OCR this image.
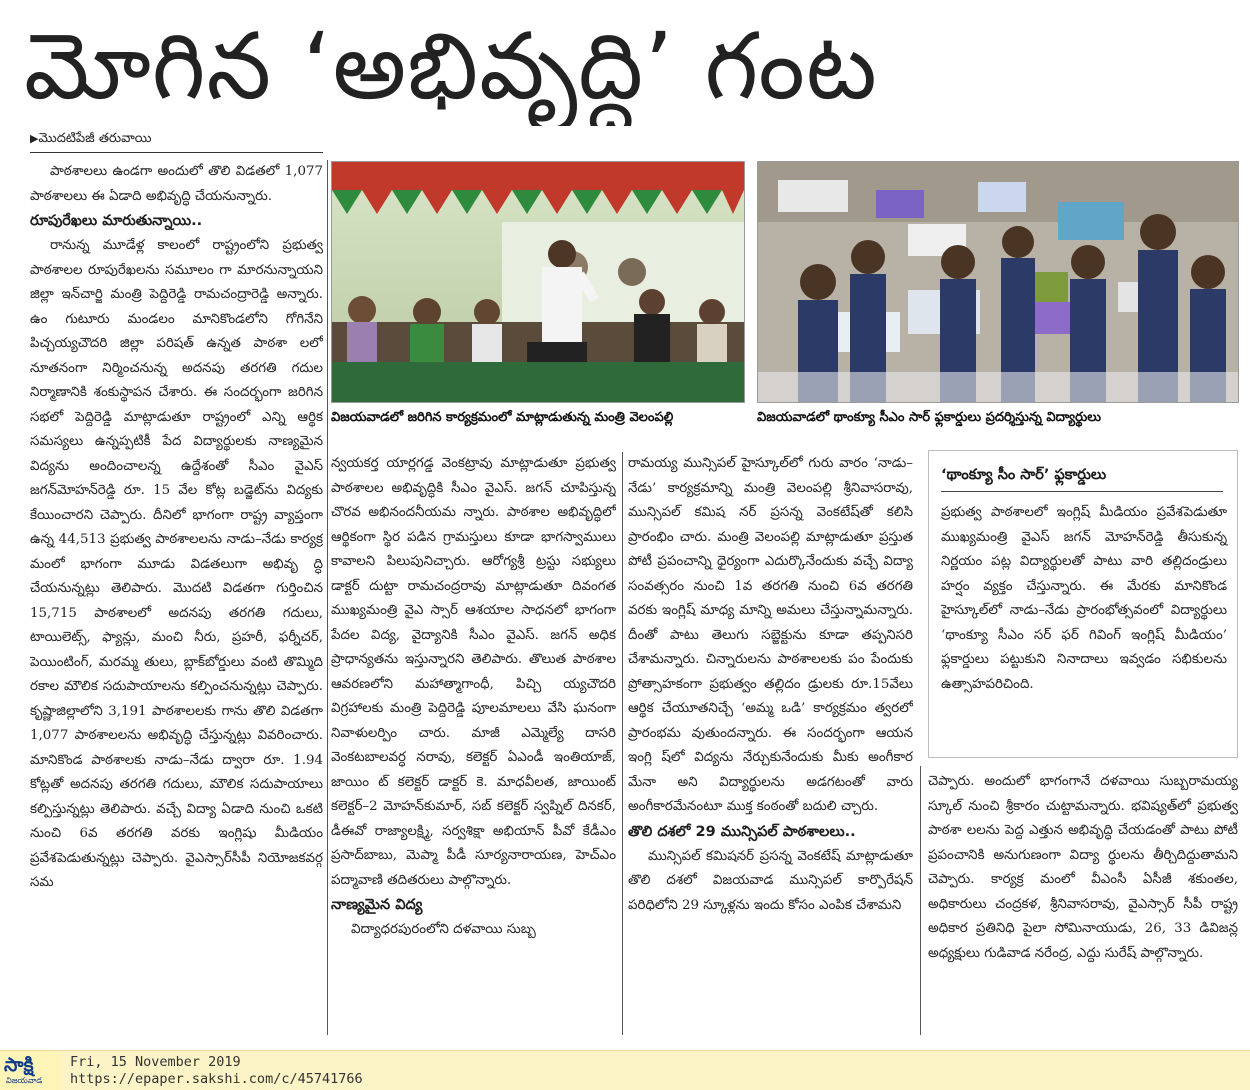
మోగిన ‘అభివృద్ధి’ గంట
▶మొదటిపేజీ తరువాయి

పాఠశాలలు ఉండగా అందులో తొలి విడతలో 1,077 పాఠశాలలు ఈ ఏడాది అభివృద్ధి చేయనున్నారు.

రూపురేఖలు మారుతున్నాయి..

రానున్న మూడేళ్ల కాలంలో రాష్ట్రంలోని ప్రభుత్వ పాఠశాలల రూపురేఖలను సమూలం గా మారనున్నాయని జిల్లా ఇన్‌చార్జి మంత్రి పెద్దిరెడ్డి రామచంద్రారెడ్డి అన్నారు. ఉం గుటూరు మండలం మానికొండలోని గోగినేని పిచ్చయ్యచౌదరి జిల్లా పరిషత్ ఉన్నత పాఠశా లలో నూతనంగా నిర్మించనున్న అదనపు తరగతి గదుల నిర్మాణానికి శంకుస్థాపన చేశారు. ఈ సందర్భంగా జరిగిన సభలో పెద్దిరెడ్డి మాట్లాడుతూ రాష్ట్రంలో ఎన్ని ఆర్థిక సమస్యలు ఉన్నప్పటికీ పేద విద్యార్థులకు నాణ్యమైన విద్యను అందించాలన్న ఉద్దేశంతో సీఎం వైఎస్ జగన్‌మోహన్‌రెడ్డి రూ. 15 వేల కోట్ల బడ్జెట్‌ను విద్యకు కేయించారని చెప్పారు. దీనిలో భాగంగా రాష్ట్ర వ్యాప్తంగా ఉన్న 44,513 ప్రభుత్వ పాఠశాలలను నాడు–నేడు కార్యక్ర మంలో భాగంగా మూడు విడతలుగా అభివృ ద్ధి చేయనున్నట్లు తెలిపారు. మొదటి విడతగా గుర్తించిన 15,715 పాఠశాలలో అదనపు తరగతి గదులు, టాయిలెట్స్, ఫ్యాన్లు, మంచి నీరు, ప్రహరీ, ఫర్నీచర్, పెయింటింగ్, మరమ్మ తులు, బ్లాక్‌బోర్డులు వంటి తొమ్మిది రకాల మౌలిక సదుపాయాలను కల్పించనున్నట్లు చెప్పారు. కృష్ణాజిల్లాలోని 3,191 పాఠశాలలకు గాను తొలి విడతగా 1,077 పాఠశాలలను అభివృద్ధి చేస్తున్నట్లు వివరించారు. మానికొండ పాఠశాలకు నాడు–నేడు ద్వారా రూ. 1.94 కోట్లతో అదనపు తరగతి గదులు, మౌలిక సదుపాయాలు కల్పిస్తున్నట్లు తెలిపారు. వచ్చే విద్యా ఏడాది నుంచి ఒకటి నుంచి 6వ తరగతి వరకు ఇంగ్లిషు మీడియం ప్రవేశపెడుతున్నట్లు చెప్పారు. వైఎస్సార్‌సీపీ నియోజకవర్గ సమ

విజయవాడలో జరిగిన కార్యక్రమంలో మాట్లాడుతున్న మంత్రి వెలంపల్లి	విజయవాడలో థాంక్యూ సీఎం సార్ ఫ్లకార్డులు ప్రదర్శిస్తున్న విద్యార్థులు

న్వయకర్త యార్లగడ్డ వెంకట్రావు మాట్లాడుతూ ప్రభుత్వ పాఠశాలల అభివృద్ధికి సీఎం వైఎస్. జగన్ చూపిస్తున్న చొరవ అభినందనీయమ న్నారు. పాఠశాల అభివృద్ధిలో ఆర్థికంగా స్థిర పడిన గ్రామస్తులు కూడా భాగస్వాములు కావాలని పిలుపునిచ్చారు. ఆరోగ్యశ్రీ ట్రస్టు సభ్యులు డాక్టర్ దుట్టా రామచంద్రరావు మాట్లాడుతూ దివంగత ముఖ్యమంత్రి వైఎ స్సార్ ఆశయాల సాధనలో భాగంగా పేదల విద్య, వైద్యానికి సీఎం వైఎస్. జగన్ అధిక ప్రాధాన్యతను ఇస్తున్నారని తెలిపారు. తొలుత పాఠశాల ఆవరణలోని మహాత్మాగాంధీ, పిచ్చి య్యచౌదరి విగ్రహాలకు మంత్రి పెద్దిరెడ్డి పూలమాలలు వేసి ఘనంగా నివాళులర్పిం చారు. మాజీ ఎమ్మెల్యే దాసరి వెంకటబాలవర్ధ నరావు, కలెక్టర్ ఏఎండీ ఇంతియాజ్, జాయిం ట్ కలెక్టర్ డాక్టర్ కె. మాధవీలత, జాయింట్ కలెక్టర్–2 మోహన్‌కుమార్, సబ్ కలెక్టర్ స్వప్నిల్ దినకర్, డీఈవో రాజ్యాలక్ష్మి, సర్వశిక్షా అభియాన్ పీవో కేడీఎం ప్రసాద్‌బాబు, మెప్మా పీడీ సూర్యనారాయణ, హెచ్‌ఎం పద్మావాణి తదితరులు పాల్గొన్నారు.

నాణ్యమైన విద్య

విద్యాధరపురంలోని దళవాయి సుబ్బ

రామయ్య మున్సిపల్ హైస్కూల్‌లో గురు వారం ‘నాడు–నేడు’ కార్యక్రమాన్ని మంత్రి వెలంపల్లి శ్రీనివాసరావు, మున్సిపల్ కమిష నర్ ప్రసన్న వెంకటేష్‌తో కలిసి ప్రారంభిం చారు. మంత్రి వెలంపల్లి మాట్లాడుతూ ప్రస్తుత పోటీ ప్రపంచాన్ని ధైర్యంగా ఎదుర్కొనేందుకు వచ్చే విద్యా సంవత్సరం నుంచి 1వ తరగతి నుంచి 6వ తరగతి వరకు ఇంగ్లిష్ మాధ్య మాన్ని అమలు చేస్తున్నామన్నారు. దీంతో పాటు తెలుగు సబ్జెక్టును కూడా తప్పనిసరి చేశామన్నారు. చిన్నారులను పాఠశాలలకు పం పేందుకు ప్రోత్సాహకంగా ప్రభుత్వం తల్లిదం డ్రులకు రూ.15వేలు ఆర్థిక చేయూతనిచ్చే ‘అమ్మ ఒడి’ కార్యక్రమం త్వరలో ప్రారంభమ వుతుందన్నారు. ఈ సందర్భంగా ఆయన ఇంగ్లి ష్‌లో విద్యను నేర్చుకునేందుకు మీకు అంగీకార మేనా అని విద్యార్థులను అడగటంతో వారు అంగీకారమేనంటూ ముక్త కంఠంతో బదులి చ్చారు.

తొలి దశలో 29 మున్సిపల్ పాఠశాలలు..

మున్సిపల్ కమిషనర్ ప్రసన్న వెంకటేష్ మాట్లాడుతూ తొలి దశలో విజయవాడ మున్సిపల్ కార్పొరేషన్ పరిధిలోని 29 స్కూళ్లను ఇందు కోసం ఎంపిక చేశామని

‘థాంక్యూ సీం సార్’ ఫ్లకార్డులు
ప్రభుత్వ పాఠశాలలో ఇంగ్లిష్ మీడియం ప్రవేశపెడుతూ ముఖ్యమంత్రి వైఎస్ జగన్ మోహన్‌రెడ్డి తీసుకున్న నిర్ణయం పట్ల విద్యార్థులతో పాటు వారి తల్లిదండ్రులు హర్షం వ్యక్తం చేస్తున్నారు. ఈ మేరకు మానికొండ హైస్కూల్‌లో నాడు–నేడు ప్రారంభోత్సవంలో విద్యార్థులు ‘థాంక్యూ సీఎం సర్ ఫర్ గివింగ్ ఇంగ్లిష్ మీడియం’ ఫ్లకార్డులు పట్టుకుని నినాదాలు ఇవ్వడం సభికులను ఉత్సాహపరిచింది.

చెప్పారు. అందులో భాగంగానే దళవాయి సుబ్బరామయ్య స్కూల్ నుంచి శ్రీకారం చుట్టామన్నారు. భవిష్యత్‌లో ప్రభుత్వ పాఠశా లలను పెద్ద ఎత్తున అభివృద్ధి చేయడంతో పాటు పోటీ ప్రపంచానికి అనుగుణంగా విద్యా ర్థులను తీర్చిదిద్దుతామని చెప్పారు. కార్యక్ర మంలో వీఎంసీ ఏసీజీ శకుంతల, అధికారులు చంద్రకళ, శ్రీనివాసరావు, వైఎస్సార్ సీపీ రాష్ట్ర అధికార ప్రతినిధి పైలా సోమినాయుడు, 26, 33 డివిజన్ల అధ్యక్షులు గుడివాడ నరేంద్ర, ఎద్దు సురేష్ పాల్గొన్నారు.

సాక్షి
విజయవాడ
Fri, 15 November 2019
https://epaper.sakshi.com/c/45741766
